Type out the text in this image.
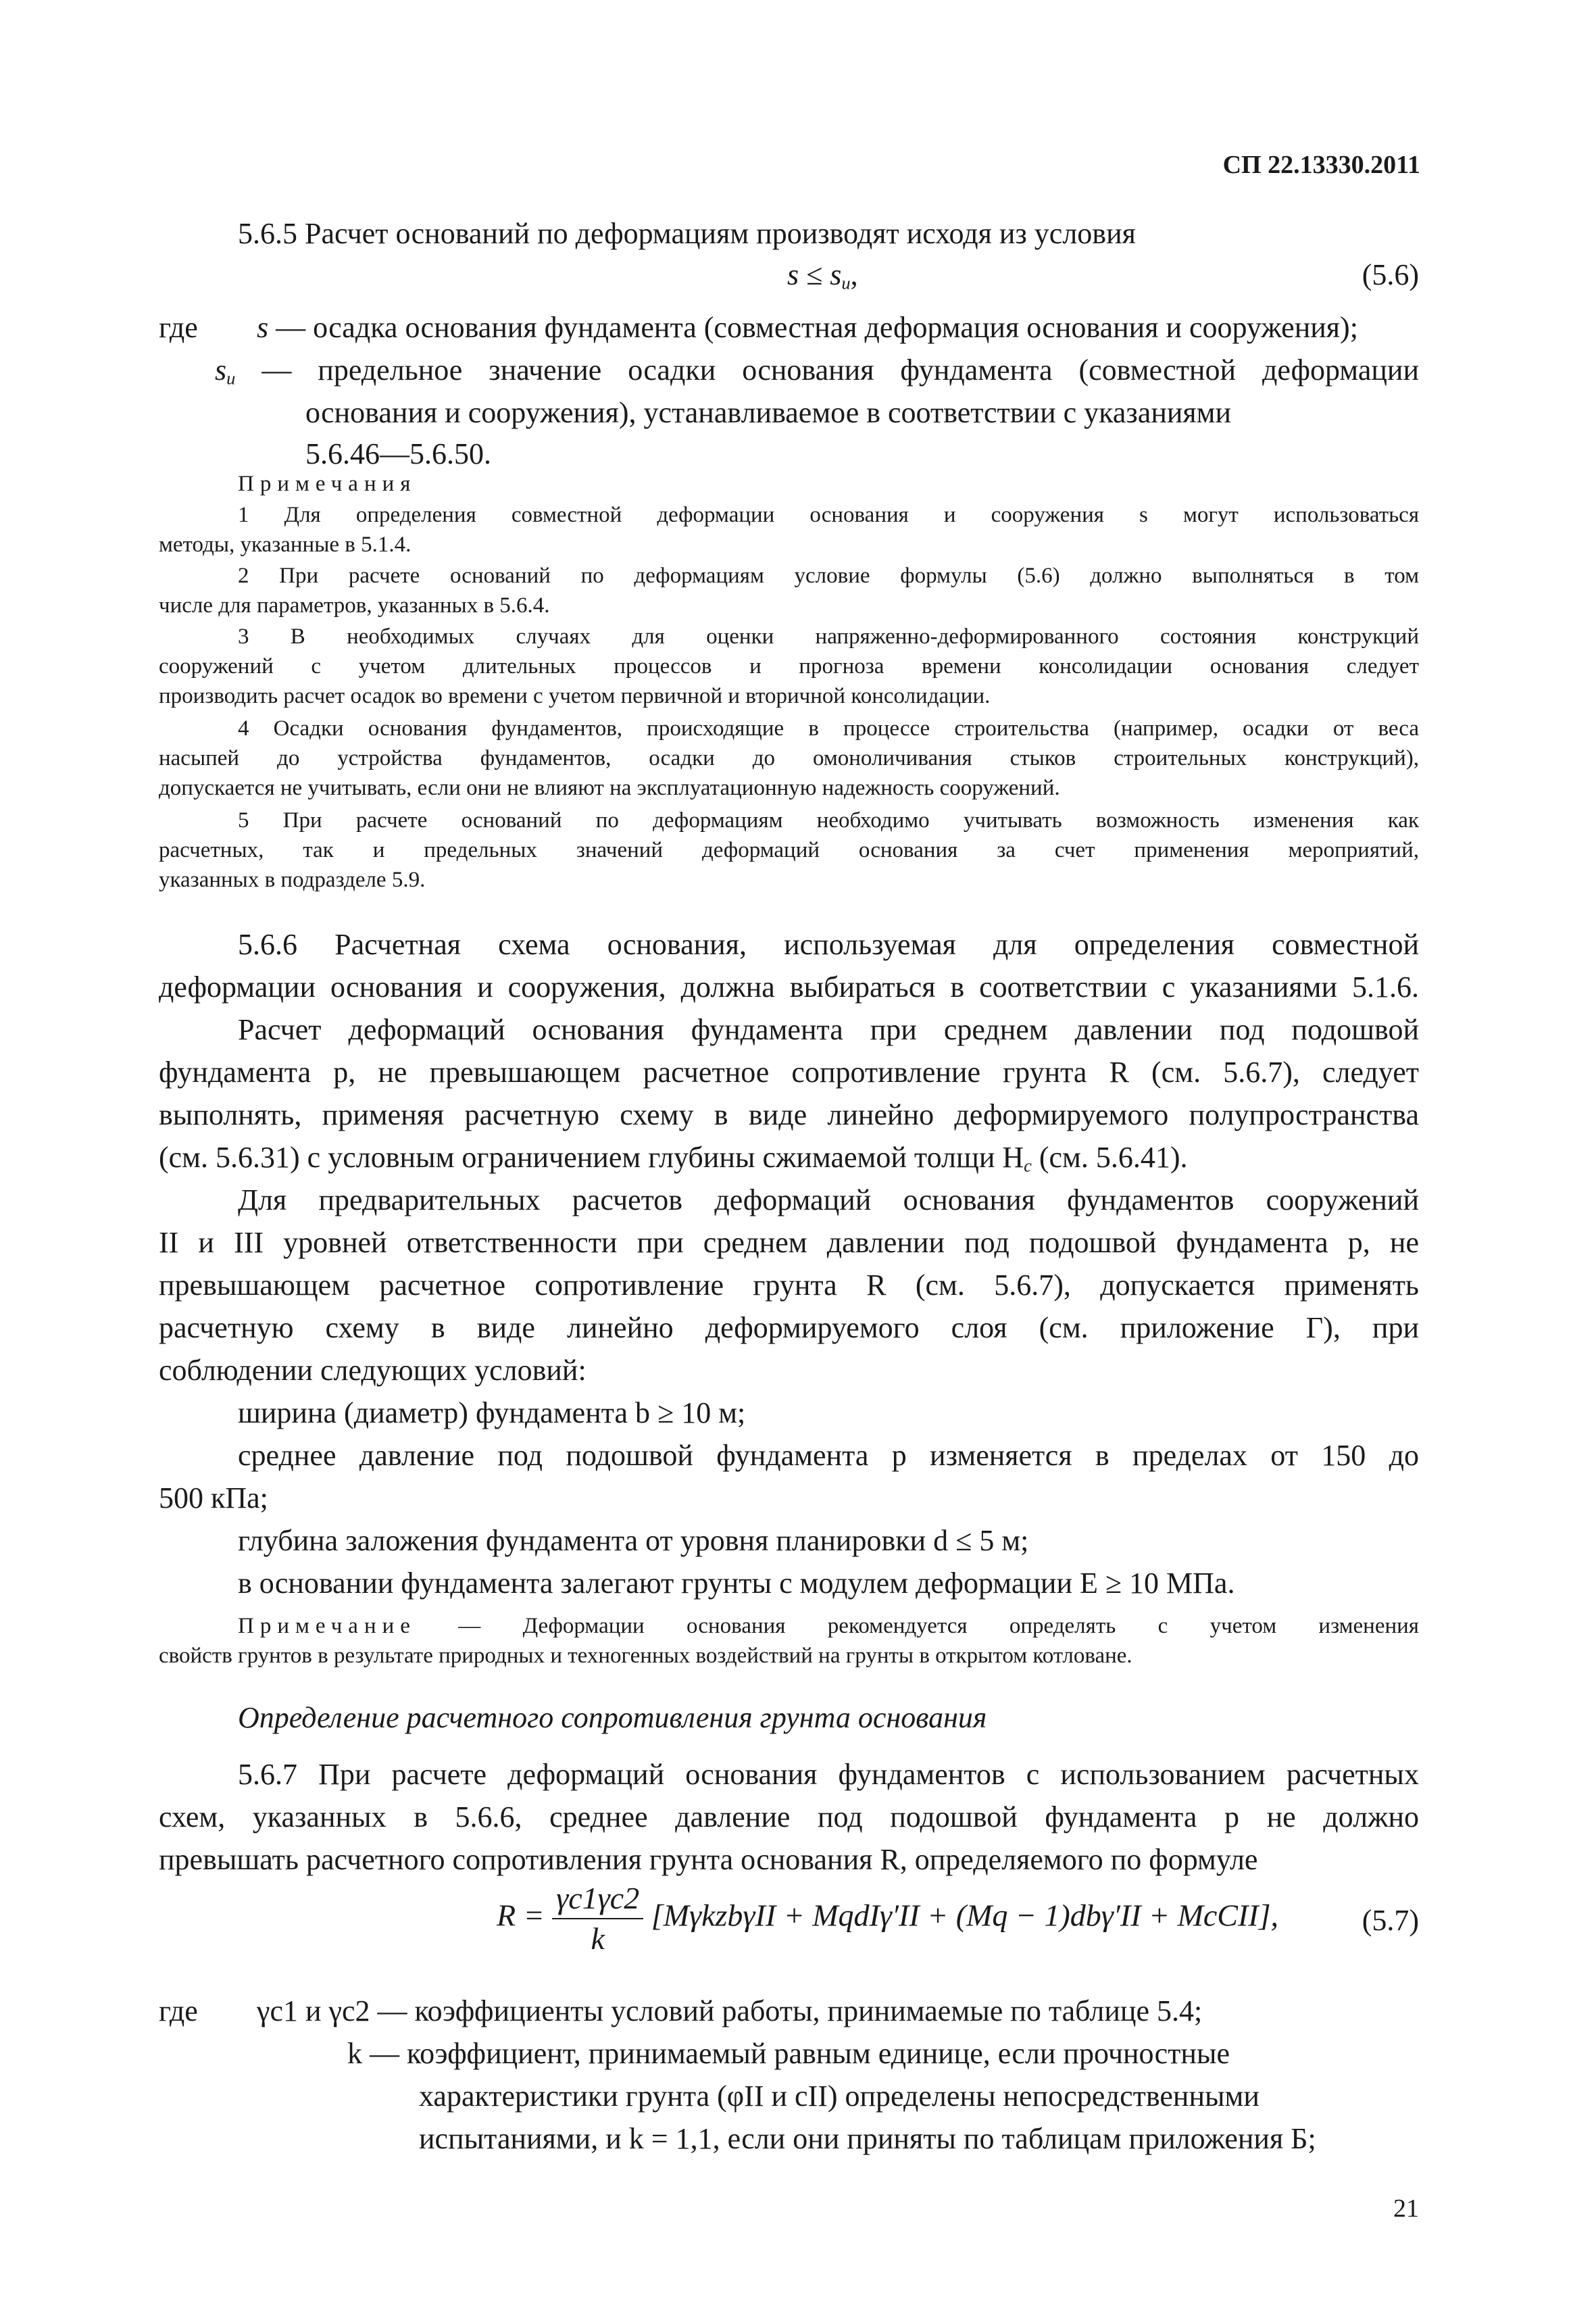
СП 22.13330.2011
5.6.5 Расчет оснований по деформациям производят исходя из условия
$s \le s_u$,	(5.6)
где s — осадка основания фундамента (совместная деформация основания и сооружения);
$s_u$ — предельное значение осадки основания фундамента (совместной деформации
основания и сооружения), устанавливаемое в соответствии с указаниями
5.6.46—5.6.50.
Примечания
1 Для определения совместной деформации основания и сооружения s могут использоваться
методы, указанные в 5.1.4.
2 При расчете оснований по деформациям условие формулы (5.6) должно выполняться в том
числе для параметров, указанных в 5.6.4.
3 В необходимых случаях для оценки напряженно-деформированного состояния конструкций
сооружений с учетом длительных процессов и прогноза времени консолидации основания следует
производить расчет осадок во времени с учетом первичной и вторичной консолидации.
4 Осадки основания фундаментов, происходящие в процессе строительства (например, осадки от веса
насыпей до устройства фундаментов, осадки до омоноличивания стыков строительных конструкций),
допускается не учитывать, если они не влияют на эксплуатационную надежность сооружений.
5 При расчете оснований по деформациям необходимо учитывать возможность изменения как
расчетных, так и предельных значений деформаций основания за счет применения мероприятий,
указанных в подразделе 5.9.
5.6.6 Расчетная схема основания, используемая для определения совместной
деформации основания и сооружения, должна выбираться в соответствии с указаниями 5.1.6.
Расчет деформаций основания фундамента при среднем давлении под подошвой
фундамента p, не превышающем расчетное сопротивление грунта R (см. 5.6.7), следует
выполнять, применяя расчетную схему в виде линейно деформируемого полупространства
(см. 5.6.31) с условным ограничением глубины сжимаемой толщи $H_c$ (см. 5.6.41).
Для предварительных расчетов деформаций основания фундаментов сооружений
II и III уровней ответственности при среднем давлении под подошвой фундамента p, не
превышающем расчетное сопротивление грунта R (см. 5.6.7), допускается применять
расчетную схему в виде линейно деформируемого слоя (см. приложение Г), при
соблюдении следующих условий:
ширина (диаметр) фундамента b ≥ 10 м;
среднее давление под подошвой фундамента p изменяется в пределах от 150 до
500 кПа;
глубина заложения фундамента от уровня планировки d ≤ 5 м;
в основании фундамента залегают грунты с модулем деформации E ≥ 10 МПа.
Примечание — Деформации основания рекомендуется определять с учетом изменения
свойств грунтов в результате природных и техногенных воздействий на грунты в открытом котловане.
Определение расчетного сопротивления грунта основания
5.6.7 При расчете деформаций основания фундаментов с использованием расчетных
схем, указанных в 5.6.6, среднее давление под подошвой фундамента p не должно
превышать расчетного сопротивления грунта основания R, определяемого по формуле
$R = \frac{\gamma c1\gamma c2}{k} [M\gamma kzb\gamma II$ + MqdIγ′II + (Mq − 1)dbγ′II + McCII],	(5.7)
где γc1 и γc2 — коэффициенты условий работы, принимаемые по таблице 5.4;
k — коэффициент, принимаемый равным единице, если прочностные
характеристики грунта (φII и cII) определены непосредственными
испытаниями, и k = 1,1, если они приняты по таблицам приложения Б;
21
